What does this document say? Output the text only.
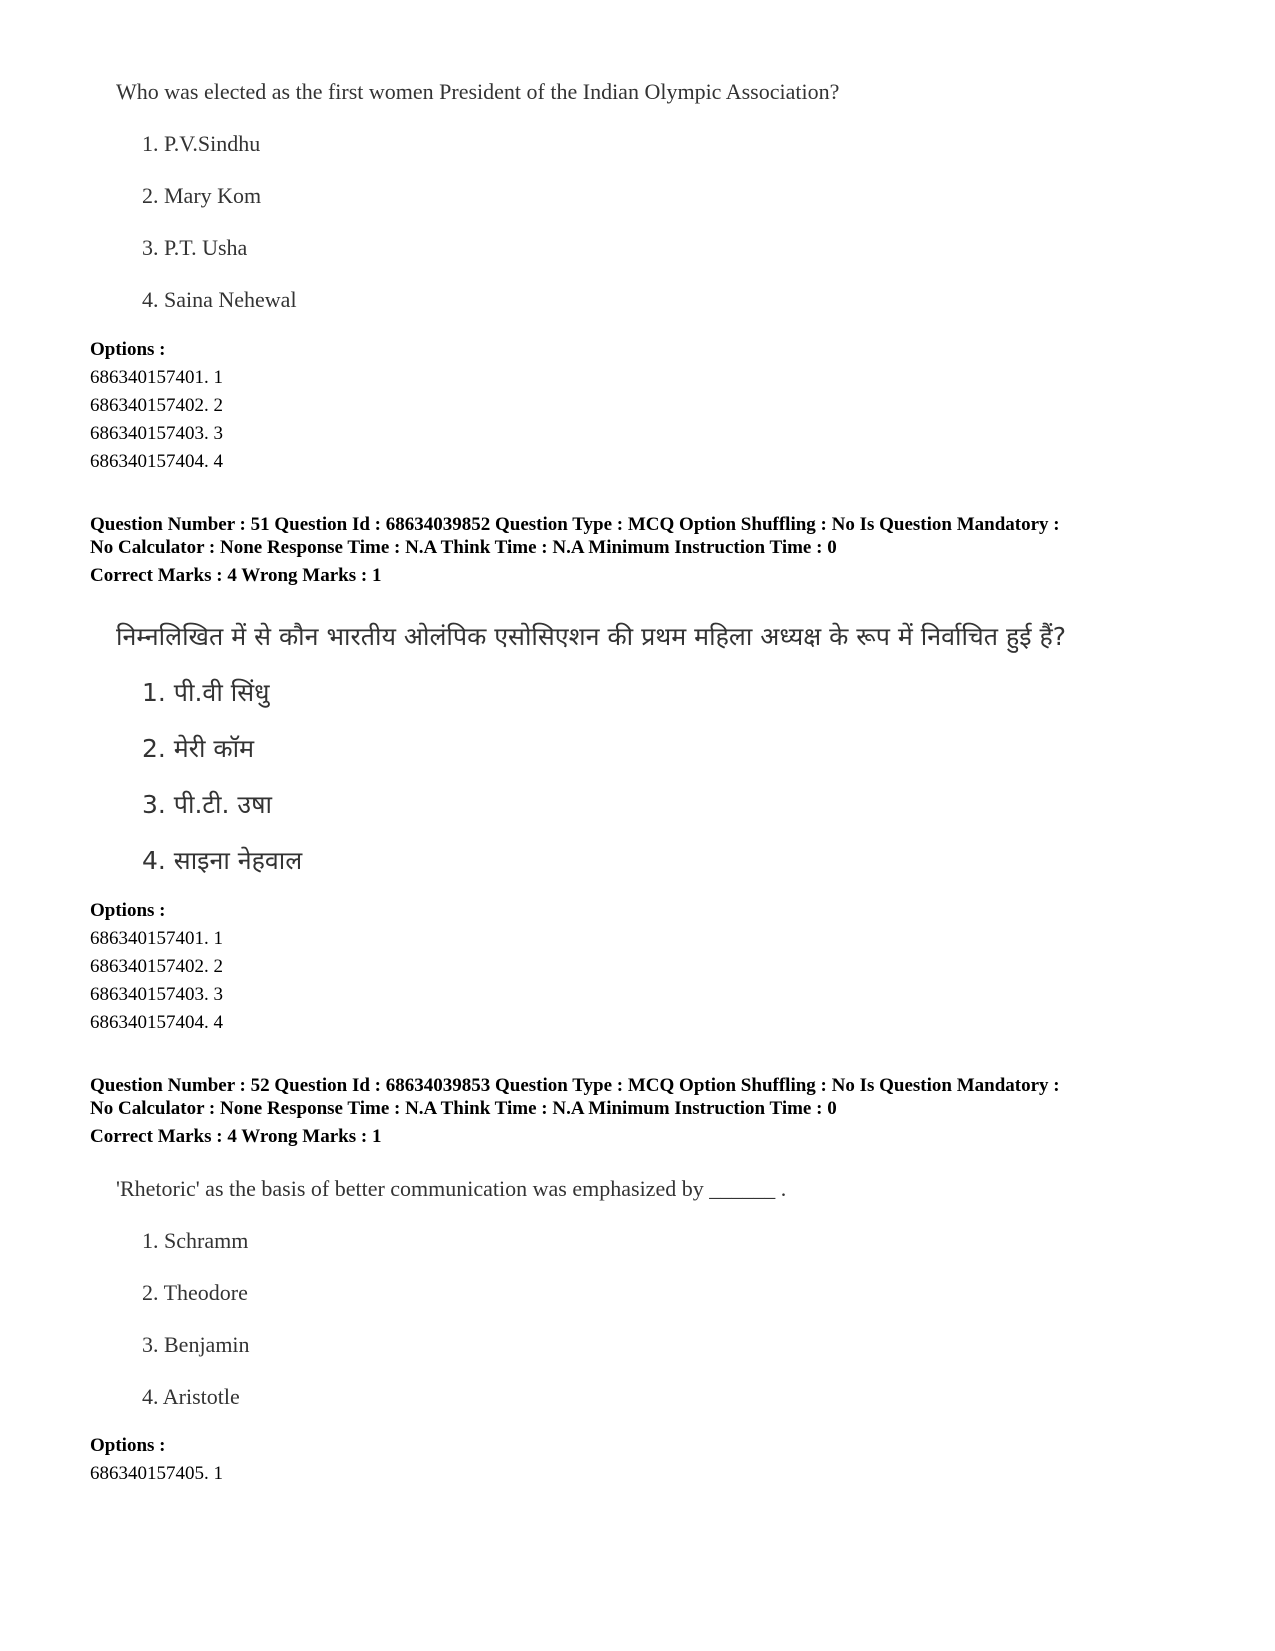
Who was elected as the first women President of the Indian Olympic Association?
1. P.V.Sindhu
2. Mary Kom
3. P.T. Usha
4. Saina Nehewal
Options :
686340157401. 1
686340157402. 2
686340157403. 3
686340157404. 4
Question Number : 51 Question Id : 68634039852 Question Type : MCQ Option Shuffling : No Is Question Mandatory :
No Calculator : None Response Time : N.A Think Time : N.A Minimum Instruction Time : 0
Correct Marks : 4 Wrong Marks : 1
निम्नलिखित में से कौन भारतीय ओलंपिक एसोसिएशन की प्रथम महिला अध्यक्ष के रूप में निर्वाचित हुई हैं?
1. पी.वी सिंधु
2. मेरी कॉम
3. पी.टी. उषा
4. साइना नेहवाल
Options :
686340157401. 1
686340157402. 2
686340157403. 3
686340157404. 4
Question Number : 52 Question Id : 68634039853 Question Type : MCQ Option Shuffling : No Is Question Mandatory :
No Calculator : None Response Time : N.A Think Time : N.A Minimum Instruction Time : 0
Correct Marks : 4 Wrong Marks : 1
'Rhetoric' as the basis of better communication was emphasized by ______ .
1. Schramm
2. Theodore
3. Benjamin
4. Aristotle
Options :
686340157405. 1
